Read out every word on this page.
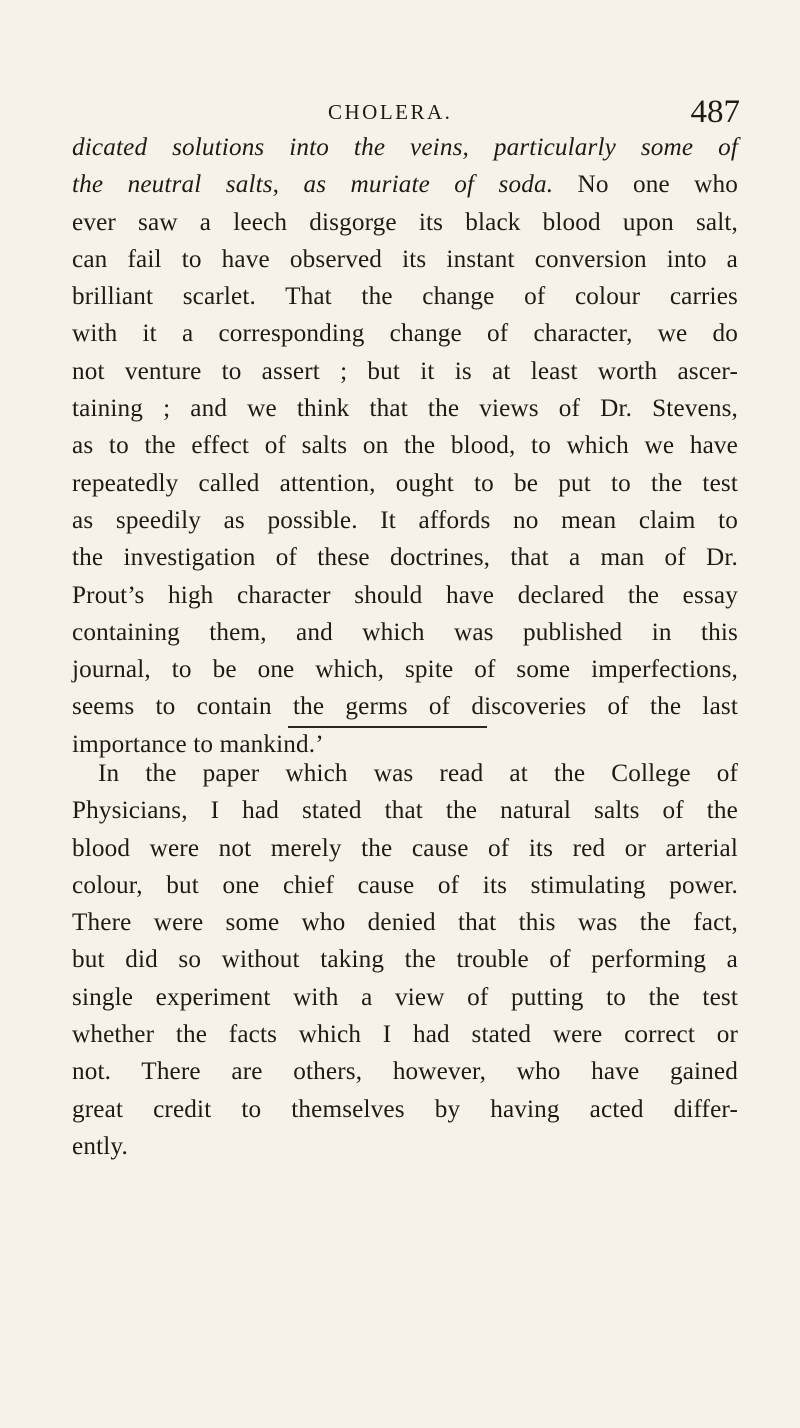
CHOLERA.	487
dicated solutions into the veins, particularly some of
the neutral salts, as muriate of soda. No one who
ever saw a leech disgorge its black blood upon salt,
can fail to have observed its instant conversion into a
brilliant scarlet. That the change of colour carries
with it a corresponding change of character, we do
not venture to assert ; but it is at least worth ascer-
taining ; and we think that the views of Dr. Stevens,
as to the effect of salts on the blood, to which we have
repeatedly called attention, ought to be put to the test
as speedily as possible. It affords no mean claim to
the investigation of these doctrines, that a man of Dr.
Prout’s high character should have declared the essay
containing them, and which was published in this
journal, to be one which, spite of some imperfections,
seems to contain the germs of discoveries of the last
importance to mankind.’
In the paper which was read at the College of
Physicians, I had stated that the natural salts of the
blood were not merely the cause of its red or arterial
colour, but one chief cause of its stimulating power.
There were some who denied that this was the fact,
but did so without taking the trouble of performing a
single experiment with a view of putting to the test
whether the facts which I had stated were correct or
not. There are others, however, who have gained
great credit to themselves by having acted differ-
ently.
